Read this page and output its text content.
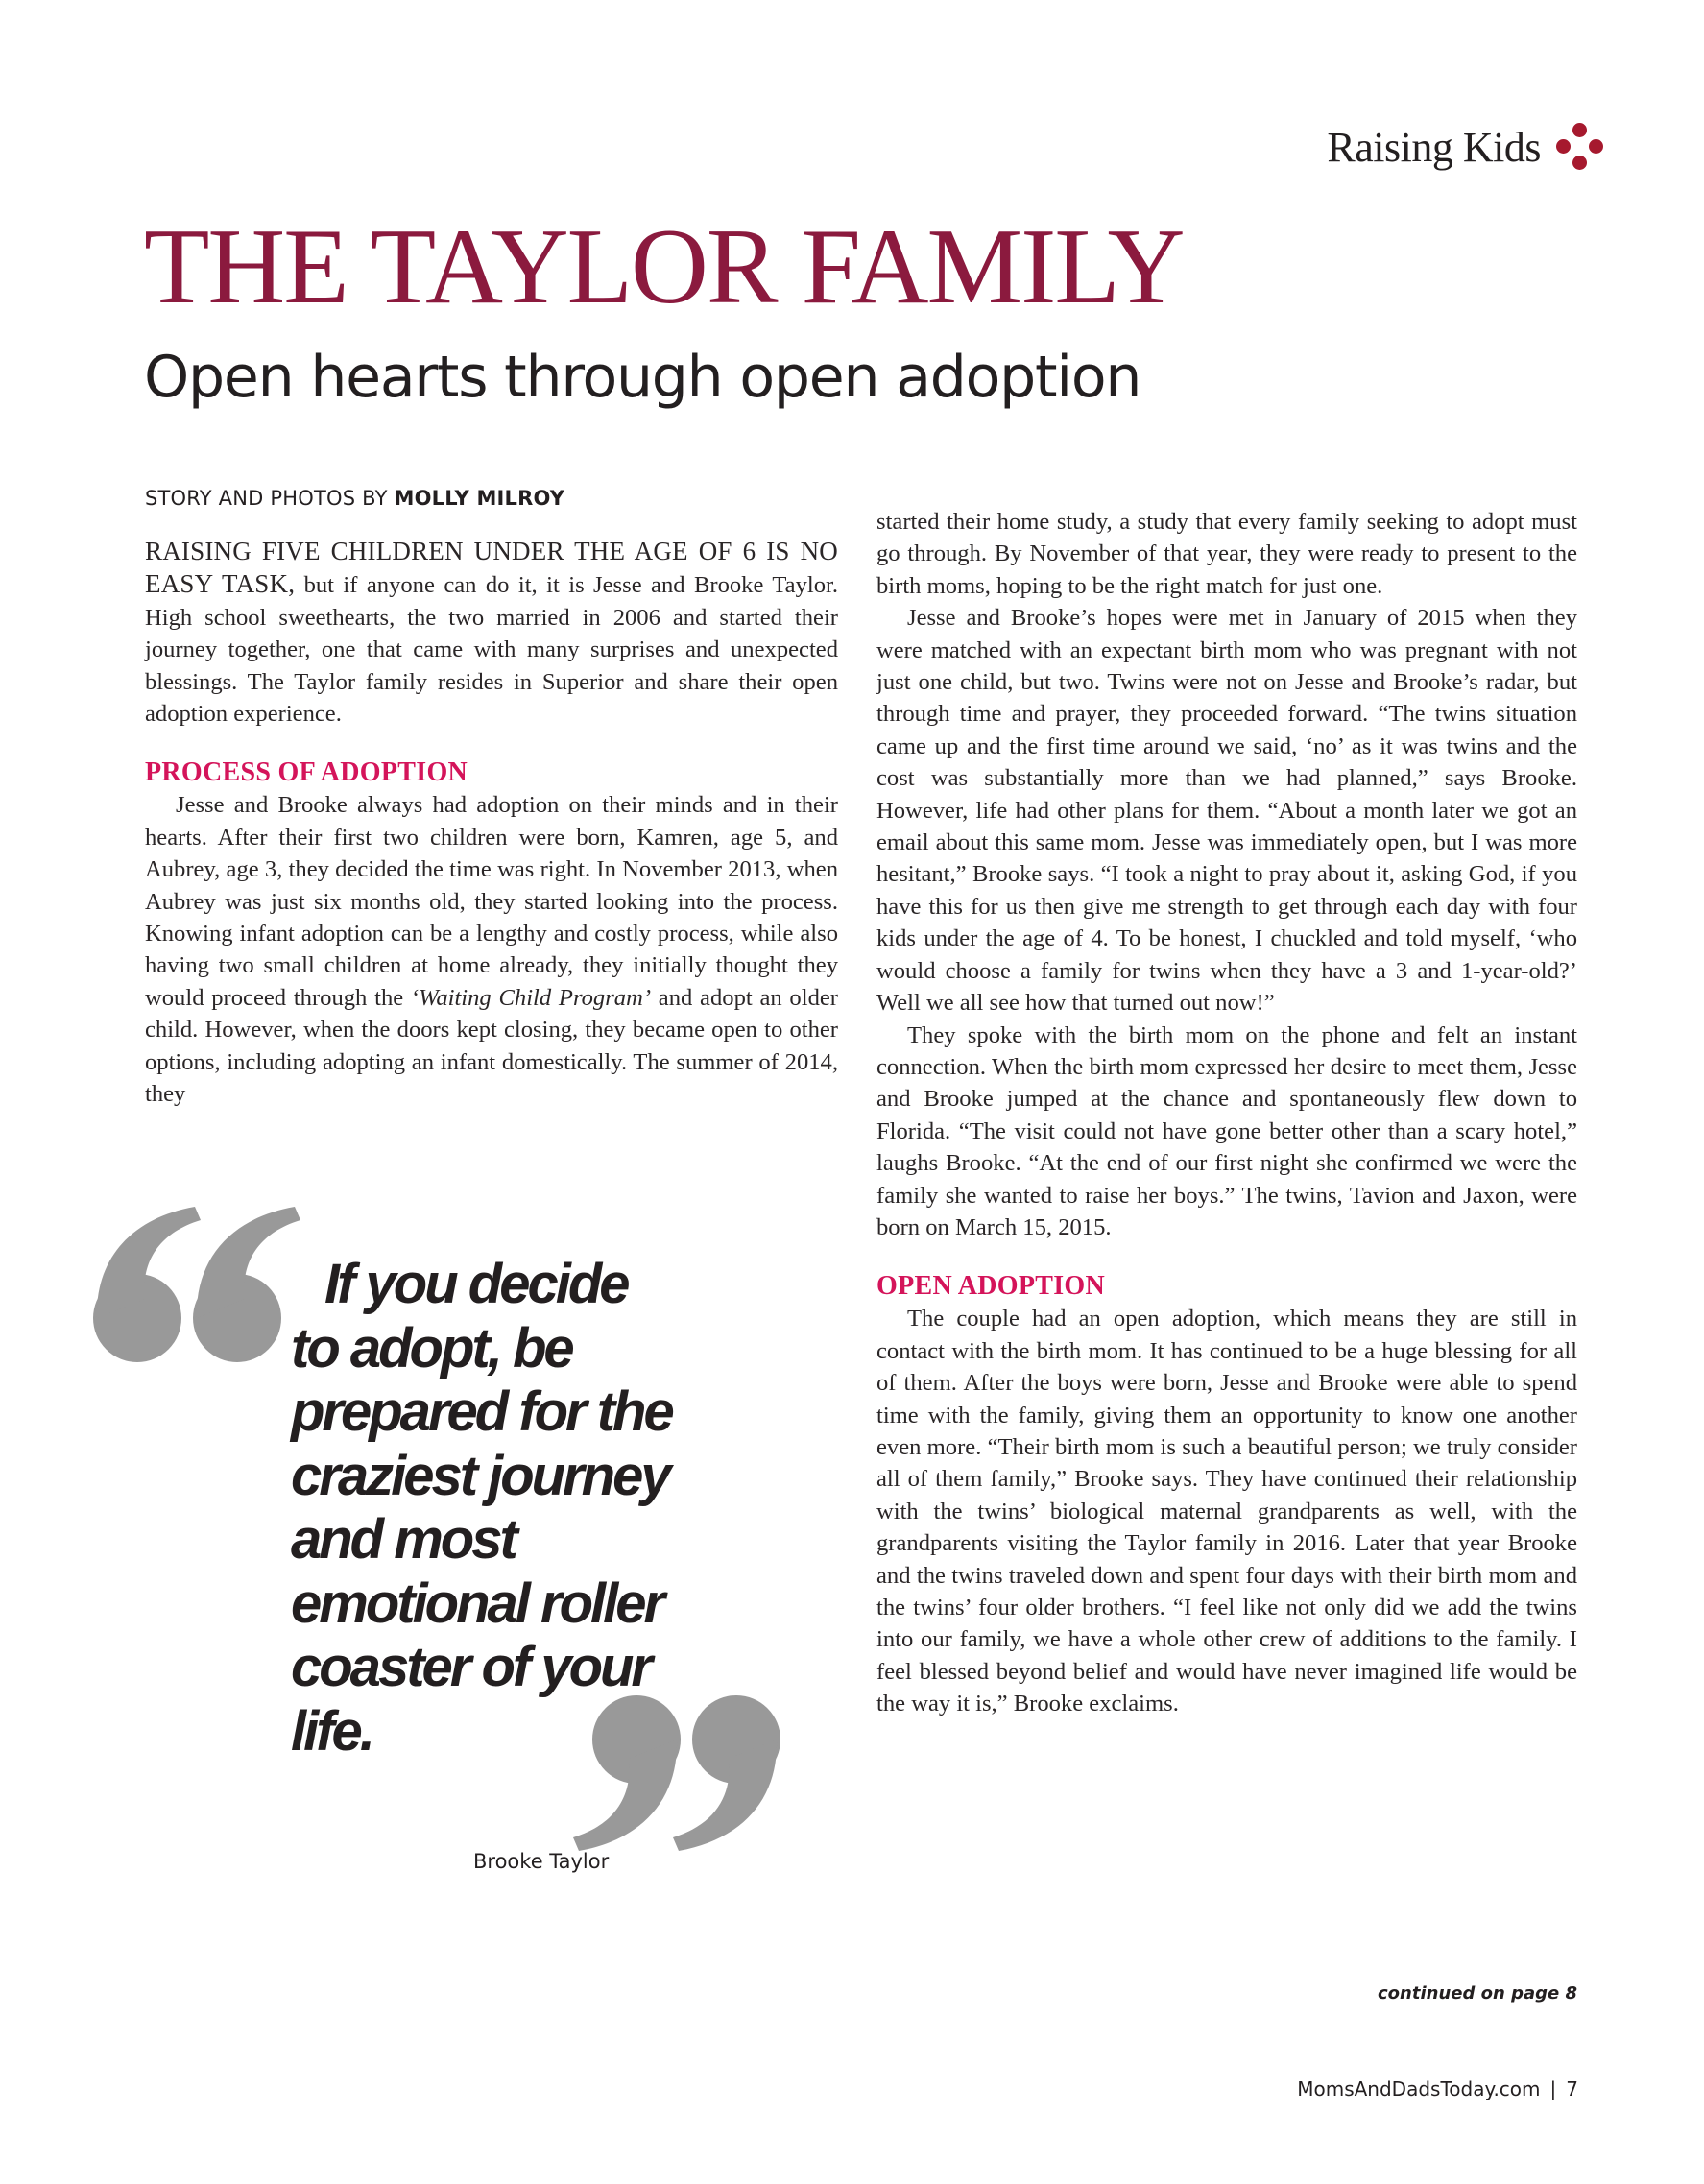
Raising Kids
THE TAYLOR FAMILY
Open hearts through open adoption
STORY AND PHOTOS BY MOLLY MILROY

RAISING FIVE CHILDREN UNDER THE AGE OF 6 IS NO EASY TASK, but if anyone can do it, it is Jesse and Brooke Taylor. High school sweethearts, the two married in 2006 and started their journey together, one that came with many surprises and unexpected blessings. The Taylor family resides in Superior and share their open adoption experience.

PROCESS OF ADOPTION

Jesse and Brooke always had adoption on their minds and in their hearts. After their first two children were born, Kamren, age 5, and Aubrey, age 3, they decided the time was right. In November 2013, when Aubrey was just six months old, they started looking into the process. Knowing infant adoption can be a lengthy and costly process, while also having two small children at home already, they initially thought they would proceed through the ‘Waiting Child Program’ and adopt an older child. However, when the doors kept closing, they became open to other options, including adopting an infant domestically. The summer of 2014, they

started their home study, a study that every family seeking to adopt must go through. By November of that year, they were ready to present to the birth moms, hoping to be the right match for just one.

Jesse and Brooke’s hopes were met in January of 2015 when they were matched with an expectant birth mom who was pregnant with not just one child, but two. Twins were not on Jesse and Brooke’s radar, but through time and prayer, they proceeded forward. “The twins situation came up and the first time around we said, ‘no’ as it was twins and the cost was substantially more than we had planned,” says Brooke. However, life had other plans for them. “About a month later we got an email about this same mom. Jesse was immediately open, but I was more hesitant,” Brooke says. “I took a night to pray about it, asking God, if you have this for us then give me strength to get through each day with four kids under the age of 4. To be honest, I chuckled and told myself, ‘who would choose a family for twins when they have a 3 and 1-year-old?’ Well we all see how that turned out now!”

They spoke with the birth mom on the phone and felt an instant connection. When the birth mom expressed her desire to meet them, Jesse and Brooke jumped at the chance and spontaneously flew down to Florida. “The visit could not have gone better other than a scary hotel,” laughs Brooke. “At the end of our first night she confirmed we were the family she wanted to raise her boys.” The twins, Tavion and Jaxon, were born on March 15, 2015.

OPEN ADOPTION

The couple had an open adoption, which means they are still in contact with the birth mom. It has continued to be a huge blessing for all of them. After the boys were born, Jesse and Brooke were able to spend time with the family, giving them an opportunity to know one another even more. “Their birth mom is such a beautiful person; we truly consider all of them family,” Brooke says. They have continued their relationship with the twins’ biological maternal grandparents as well, with the grandparents visiting the Taylor family in 2016. Later that year Brooke and the twins traveled down and spent four days with their birth mom and the twins’ four older brothers. “I feel like not only did we add the twins into our family, we have a whole other crew of additions to the family. I feel blessed beyond belief and would have never imagined life would be the way it is,” Brooke exclaims.

If you decide
to adopt, be prepared for the craziest journey and most emotional roller coaster of your life.

Brooke Taylor
continued on page 8
MomsAndDadsToday.com | 7
